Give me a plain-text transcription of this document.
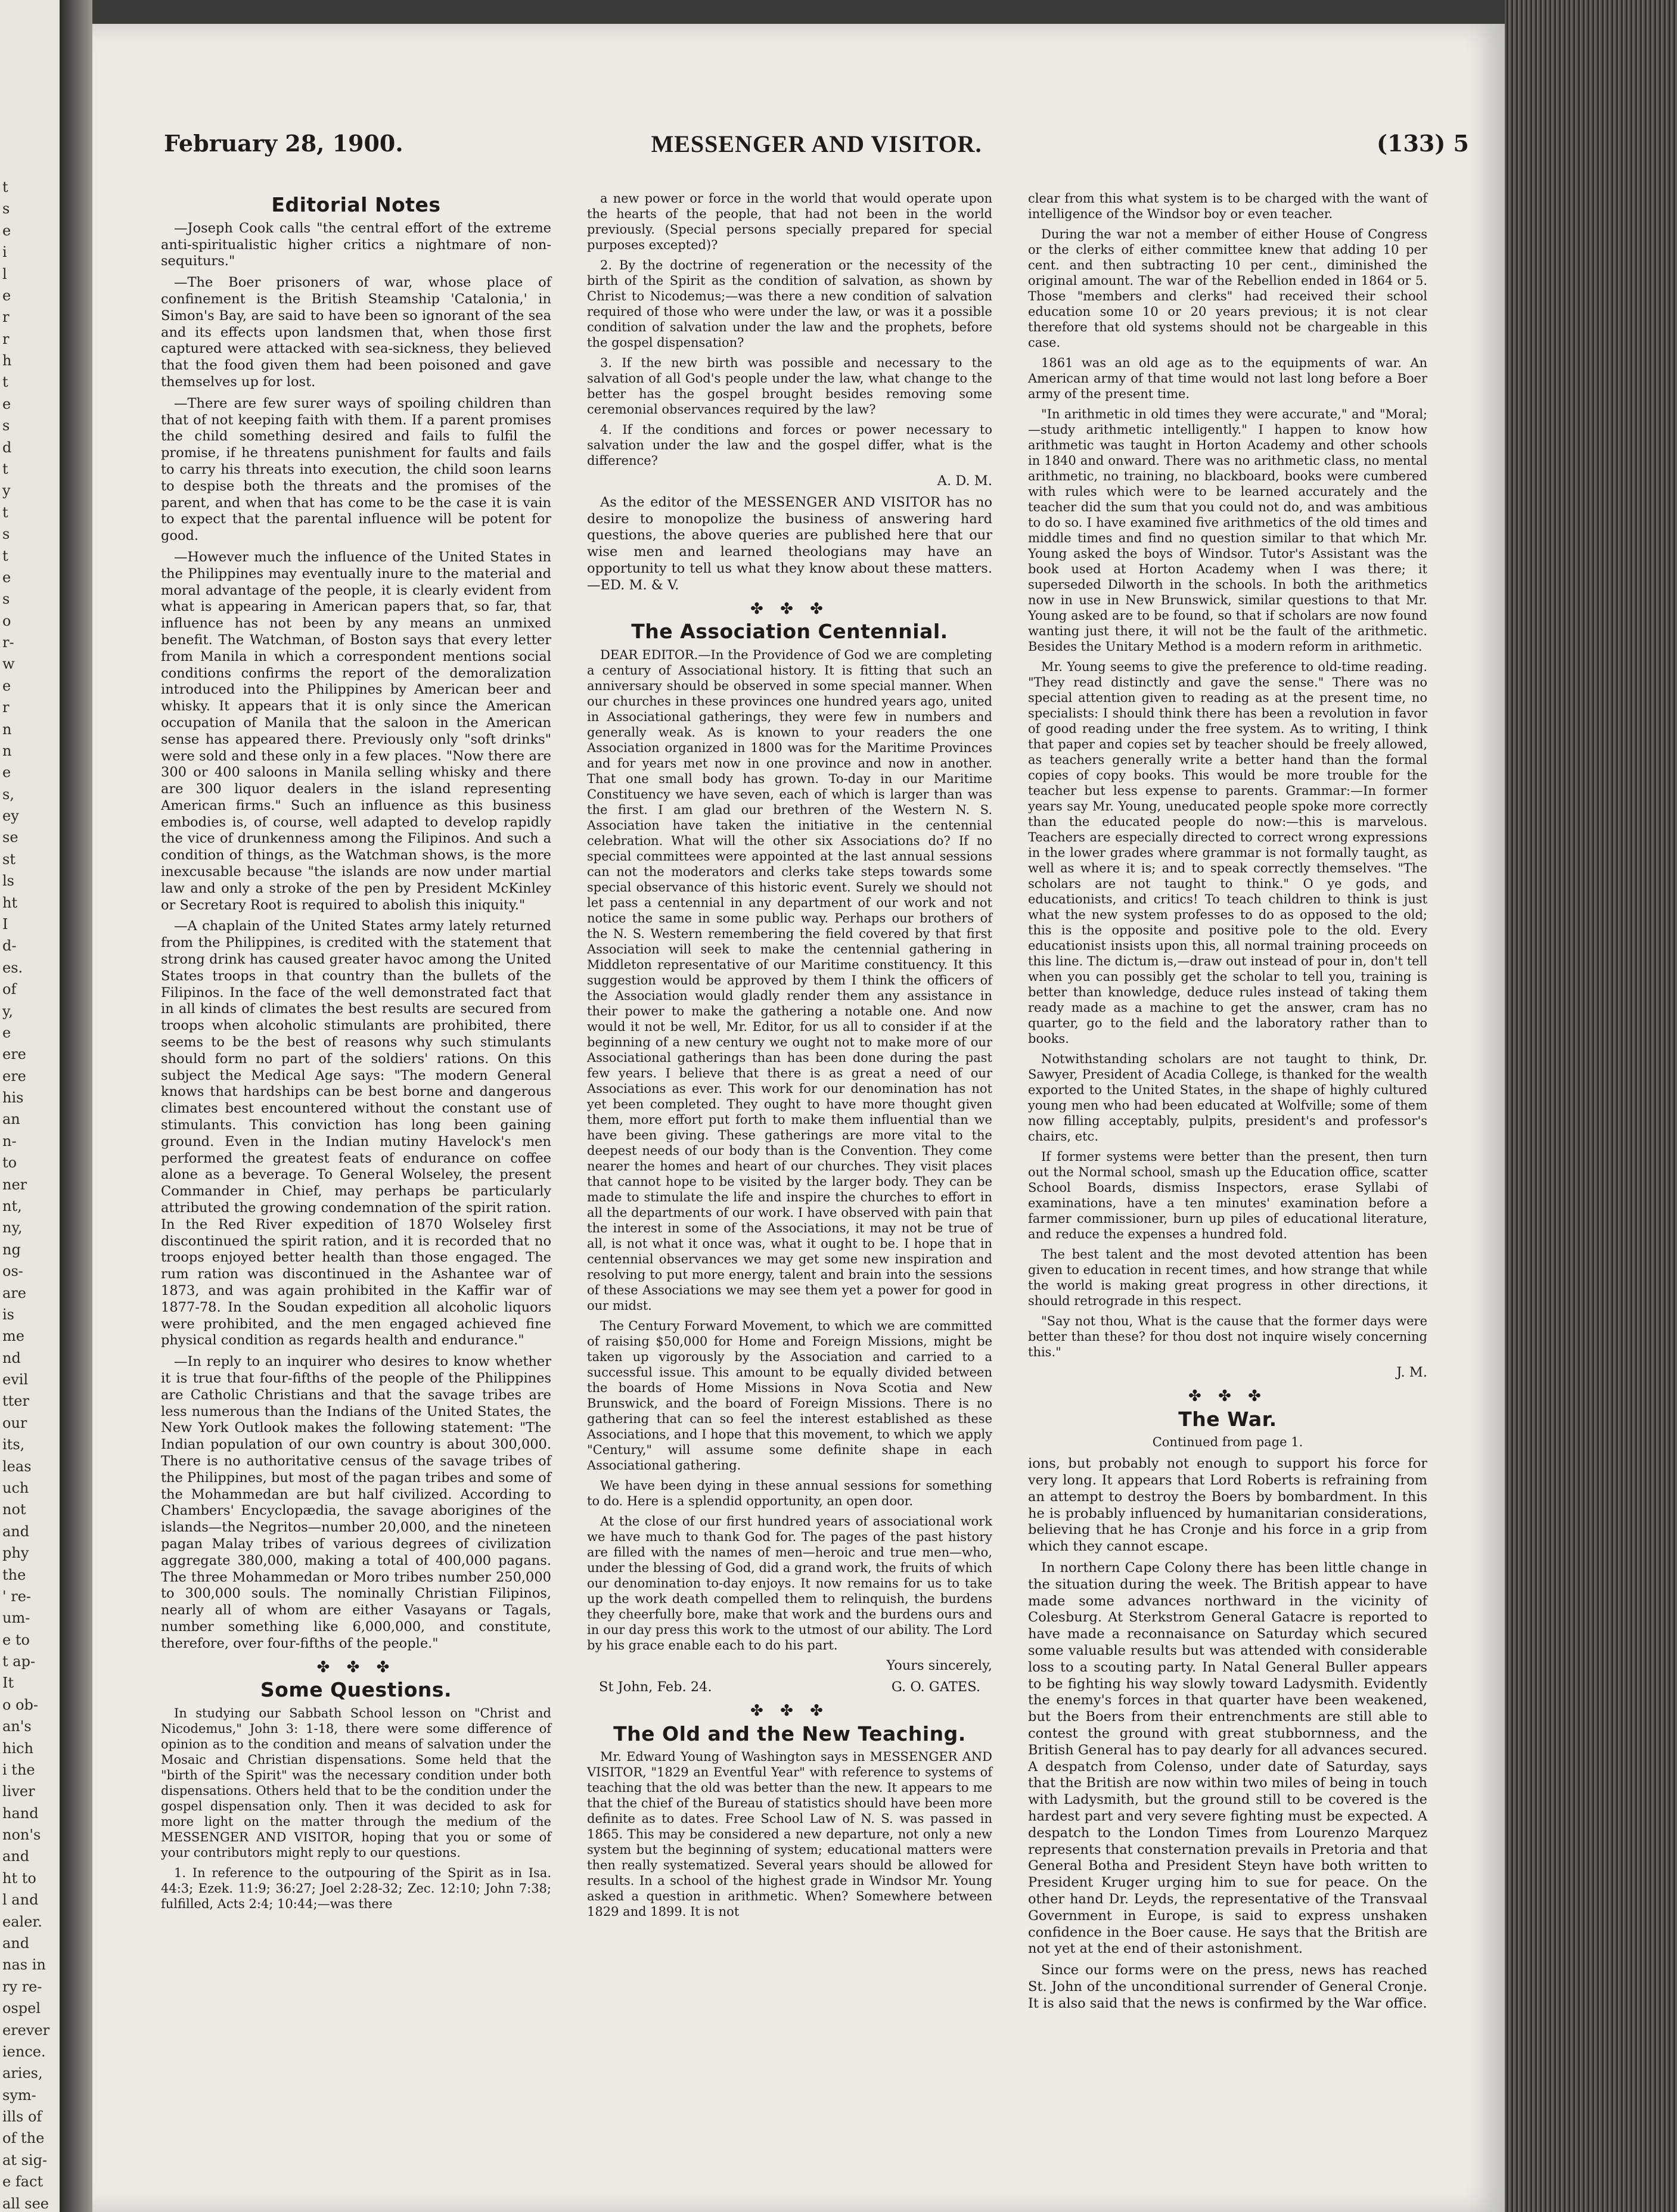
t
s
e
i
l
e
r
r
h
t
e
s
d
t
y
t
s
t
e
s
o
r-
w
e
r
n
n
e
s,
ey
se
st
ls
ht
I
d-
es.
of
y,
e
ere
ere
his
an
n-
to
ner
nt,
ny,
ng
os-
are
is
me
nd
evil
tter
our
its,
leas
uch
not
and
phy
the
' re-
um-
e to
t ap-
It
o ob-
an's
hich
i the
liver
hand
non's
and
ht to
l and
ealer.
and
nas in
ry re-
ospel
erever
ience.
aries,
sym-
ills of
of the
at sig-
e fact
all see
February 28, 1900.	MESSENGER AND VISITOR.	(133) 5
Editorial Notes

—Joseph Cook calls "the central effort of the extreme anti-spiritualistic higher critics a nightmare of non-sequiturs."

—The Boer prisoners of war, whose place of confinement is the British Steamship 'Catalonia,' in Simon's Bay, are said to have been so ignorant of the sea and its effects upon landsmen that, when those first captured were attacked with sea-sickness, they believed that the food given them had been poisoned and gave themselves up for lost.

—There are few surer ways of spoiling children than that of not keeping faith with them. If a parent promises the child something desired and fails to fulfil the promise, if he threatens punishment for faults and fails to carry his threats into execution, the child soon learns to despise both the threats and the promises of the parent, and when that has come to be the case it is vain to expect that the parental influence will be potent for good.

—However much the influence of the United States in the Philippines may eventually inure to the material and moral advantage of the people, it is clearly evident from what is appearing in American papers that, so far, that influence has not been by any means an unmixed benefit. The Watchman, of Boston says that every letter from Manila in which a correspondent mentions social conditions confirms the report of the demoralization introduced into the Philippines by American beer and whisky. It appears that it is only since the American occupation of Manila that the saloon in the American sense has appeared there. Previously only "soft drinks" were sold and these only in a few places. "Now there are 300 or 400 saloons in Manila selling whisky and there are 300 liquor dealers in the island representing American firms." Such an influence as this business embodies is, of course, well adapted to develop rapidly the vice of drunkenness among the Filipinos. And such a condition of things, as the Watchman shows, is the more inexcusable because "the islands are now under martial law and only a stroke of the pen by President McKinley or Secretary Root is required to abolish this iniquity."

—A chaplain of the United States army lately returned from the Philippines, is credited with the statement that strong drink has caused greater havoc among the United States troops in that country than the bullets of the Filipinos. In the face of the well demonstrated fact that in all kinds of climates the best results are secured from troops when alcoholic stimulants are prohibited, there seems to be the best of reasons why such stimulants should form no part of the soldiers' rations. On this subject the Medical Age says: "The modern General knows that hardships can be best borne and dangerous climates best encountered without the constant use of stimulants. This conviction has long been gaining ground. Even in the Indian mutiny Havelock's men performed the greatest feats of endurance on coffee alone as a beverage. To General Wolseley, the present Commander in Chief, may perhaps be particularly attributed the growing condemnation of the spirit ration. In the Red River expedition of 1870 Wolseley first discontinued the spirit ration, and it is recorded that no troops enjoyed better health than those engaged. The rum ration was discontinued in the Ashantee war of 1873, and was again prohibited in the Kaffir war of 1877-78. In the Soudan expedition all alcoholic liquors were prohibited, and the men engaged achieved fine physical condition as regards health and endurance."

—In reply to an inquirer who desires to know whether it is true that four-fifths of the people of the Philippines are Catholic Christians and that the savage tribes are less numerous than the Indians of the United States, the New York Outlook makes the following statement: "The Indian population of our own country is about 300,000. There is no authoritative census of the savage tribes of the Philippines, but most of the pagan tribes and some of the Mohammedan are but half civilized. According to Chambers' Encyclopædia, the savage aborigines of the islands—the Negritos—number 20,000, and the nineteen pagan Malay tribes of various degrees of civilization aggregate 380,000, making a total of 400,000 pagans. The three Mohammedan or Moro tribes number 250,000 to 300,000 souls. The nominally Christian Filipinos, nearly all of whom are either Vasayans or Tagals, number something like 6,000,000, and constitute, therefore, over four-fifths of the people."

✤ ✤ ✤
Some Questions.

In studying our Sabbath School lesson on "Christ and Nicodemus," John 3: 1-18, there were some difference of opinion as to the condition and means of salvation under the Mosaic and Christian dispensations. Some held that the "birth of the Spirit" was the necessary condition under both dispensations. Others held that to be the condition under the gospel dispensation only. Then it was decided to ask for more light on the matter through the medium of the MESSENGER AND VISITOR, hoping that you or some of your contributors might reply to our questions.

1. In reference to the outpouring of the Spirit as in Isa. 44:3; Ezek. 11:9; 36:27; Joel 2:28-32; Zec. 12:10; John 7:38; fulfilled, Acts 2:4; 10:44;—was there

a new power or force in the world that would operate upon the hearts of the people, that had not been in the world previously. (Special persons specially prepared for special purposes excepted)?

2. By the doctrine of regeneration or the necessity of the birth of the Spirit as the condition of salvation, as shown by Christ to Nicodemus;—was there a new condition of salvation required of those who were under the law, or was it a possible condition of salvation under the law and the prophets, before the gospel dispensation?

3. If the new birth was possible and necessary to the salvation of all God's people under the law, what change to the better has the gospel brought besides removing some ceremonial observances required by the law?

4. If the conditions and forces or power necessary to salvation under the law and the gospel differ, what is the difference?

A. D. M.

As the editor of the MESSENGER AND VISITOR has no desire to monopolize the business of answering hard questions, the above queries are published here that our wise men and learned theologians may have an opportunity to tell us what they know about these matters.—ED. M. & V.

✤ ✤ ✤
The Association Centennial.

DEAR EDITOR.—In the Providence of God we are completing a century of Associational history. It is fitting that such an anniversary should be observed in some special manner. When our churches in these provinces one hundred years ago, united in Associational gatherings, they were few in numbers and generally weak. As is known to your readers the one Association organized in 1800 was for the Maritime Provinces and for years met now in one province and now in another. That one small body has grown. To-day in our Maritime Constituency we have seven, each of which is larger than was the first. I am glad our brethren of the Western N. S. Association have taken the initiative in the centennial celebration. What will the other six Associations do? If no special committees were appointed at the last annual sessions can not the moderators and clerks take steps towards some special observance of this historic event. Surely we should not let pass a centennial in any department of our work and not notice the same in some public way. Perhaps our brothers of the N. S. Western remembering the field covered by that first Association will seek to make the centennial gathering in Middleton representative of our Maritime constituency. It this suggestion would be approved by them I think the officers of the Association would gladly render them any assistance in their power to make the gathering a notable one. And now would it not be well, Mr. Editor, for us all to consider if at the beginning of a new century we ought not to make more of our Associational gatherings than has been done during the past few years. I believe that there is as great a need of our Associations as ever. This work for our denomination has not yet been completed. They ought to have more thought given them, more effort put forth to make them influential than we have been giving. These gatherings are more vital to the deepest needs of our body than is the Convention. They come nearer the homes and heart of our churches. They visit places that cannot hope to be visited by the larger body. They can be made to stimulate the life and inspire the churches to effort in all the departments of our work. I have observed with pain that the interest in some of the Associations, it may not be true of all, is not what it once was, what it ought to be. I hope that in centennial observances we may get some new inspiration and resolving to put more energy, talent and brain into the sessions of these Associations we may see them yet a power for good in our midst.

The Century Forward Movement, to which we are committed of raising $50,000 for Home and Foreign Missions, might be taken up vigorously by the Association and carried to a successful issue. This amount to be equally divided between the boards of Home Missions in Nova Scotia and New Brunswick, and the board of Foreign Missions. There is no gathering that can so feel the interest established as these Associations, and I hope that this movement, to which we apply "Century," will assume some definite shape in each Associational gathering.

We have been dying in these annual sessions for something to do. Here is a splendid opportunity, an open door.

At the close of our first hundred years of associational work we have much to thank God for. The pages of the past history are filled with the names of men—heroic and true men—who, under the blessing of God, did a grand work, the fruits of which our denomination to-day enjoys. It now remains for us to take up the work death compelled them to relinquish, the burdens they cheerfully bore, make that work and the burdens ours and in our day press this work to the utmost of our ability. The Lord by his grace enable each to do his part.

Yours sincerely,
St John, Feb. 24.	G. O. GATES.
✤ ✤ ✤
The Old and the New Teaching.

Mr. Edward Young of Washington says in MESSENGER AND VISITOR, "1829 an Eventful Year" with reference to systems of teaching that the old was better than the new. It appears to me that the chief of the Bureau of statistics should have been more definite as to dates. Free School Law of N. S. was passed in 1865. This may be considered a new departure, not only a new system but the beginning of system; educational matters were then really systematized. Several years should be allowed for results. In a school of the highest grade in Windsor Mr. Young asked a question in arithmetic. When? Somewhere between 1829 and 1899. It is not

clear from this what system is to be charged with the want of intelligence of the Windsor boy or even teacher.

During the war not a member of either House of Congress or the clerks of either committee knew that adding 10 per cent. and then subtracting 10 per cent., diminished the original amount. The war of the Rebellion ended in 1864 or 5. Those "members and clerks" had received their school education some 10 or 20 years previous; it is not clear therefore that old systems should not be chargeable in this case.

1861 was an old age as to the equipments of war. An American army of that time would not last long before a Boer army of the present time.

"In arithmetic in old times they were accurate," and "Moral;—study arithmetic intelligently." I happen to know how arithmetic was taught in Horton Academy and other schools in 1840 and onward. There was no arithmetic class, no mental arithmetic, no training, no blackboard, books were cumbered with rules which were to be learned accurately and the teacher did the sum that you could not do, and was ambitious to do so. I have examined five arithmetics of the old times and middle times and find no question similar to that which Mr. Young asked the boys of Windsor. Tutor's Assistant was the book used at Horton Academy when I was there; it superseded Dilworth in the schools. In both the arithmetics now in use in New Brunswick, similar questions to that Mr. Young asked are to be found, so that if scholars are now found wanting just there, it will not be the fault of the arithmetic. Besides the Unitary Method is a modern reform in arithmetic.

Mr. Young seems to give the preference to old-time reading. "They read distinctly and gave the sense." There was no special attention given to reading as at the present time, no specialists: I should think there has been a revolution in favor of good reading under the free system. As to writing, I think that paper and copies set by teacher should be freely allowed, as teachers generally write a better hand than the formal copies of copy books. This would be more trouble for the teacher but less expense to parents. Grammar:—In former years say Mr. Young, uneducated people spoke more correctly than the educated people do now:—this is marvelous. Teachers are especially directed to correct wrong expressions in the lower grades where grammar is not formally taught, as well as where it is; and to speak correctly themselves. "The scholars are not taught to think." O ye gods, and educationists, and critics! To teach children to think is just what the new system professes to do as opposed to the old; this is the opposite and positive pole to the old. Every educationist insists upon this, all normal training proceeds on this line. The dictum is,—draw out instead of pour in, don't tell when you can possibly get the scholar to tell you, training is better than knowledge, deduce rules instead of taking them ready made as a machine to get the answer, cram has no quarter, go to the field and the laboratory rather than to books.

Notwithstanding scholars are not taught to think, Dr. Sawyer, President of Acadia College, is thanked for the wealth exported to the United States, in the shape of highly cultured young men who had been educated at Wolfville; some of them now filling acceptably, pulpits, president's and professor's chairs, etc.

If former systems were better than the present, then turn out the Normal school, smash up the Education office, scatter School Boards, dismiss Inspectors, erase Syllabi of examinations, have a ten minutes' examination before a farmer commissioner, burn up piles of educational literature, and reduce the expenses a hundred fold.

The best talent and the most devoted attention has been given to education in recent times, and how strange that while the world is making great progress in other directions, it should retrograde in this respect.

"Say not thou, What is the cause that the former days were better than these? for thou dost not inquire wisely concerning this."

J. M.
✤ ✤ ✤
The War.
Continued from page 1.

ions, but probably not enough to support his force for very long. It appears that Lord Roberts is refraining from an attempt to destroy the Boers by bombardment. In this he is probably influenced by humanitarian considerations, believing that he has Cronje and his force in a grip from which they cannot escape.

In northern Cape Colony there has been little change in the situation during the week. The British appear to have made some advances northward in the vicinity of Colesburg. At Sterkstrom General Gatacre is reported to have made a reconnaisance on Saturday which secured some valuable results but was attended with considerable loss to a scouting party. In Natal General Buller appears to be fighting his way slowly toward Ladysmith. Evidently the enemy's forces in that quarter have been weakened, but the Boers from their entrenchments are still able to contest the ground with great stubbornness, and the British General has to pay dearly for all advances secured. A despatch from Colenso, under date of Saturday, says that the British are now within two miles of being in touch with Ladysmith, but the ground still to be covered is the hardest part and very severe fighting must be expected. A despatch to the London Times from Lourenzo Marquez represents that consternation prevails in Pretoria and that General Botha and President Steyn have both written to President Kruger urging him to sue for peace. On the other hand Dr. Leyds, the representative of the Transvaal Government in Europe, is said to express unshaken confidence in the Boer cause. He says that the British are not yet at the end of their astonishment.

Since our forms were on the press, news has reached St. John of the unconditional surrender of General Cronje. It is also said that the news is confirmed by the War office.
